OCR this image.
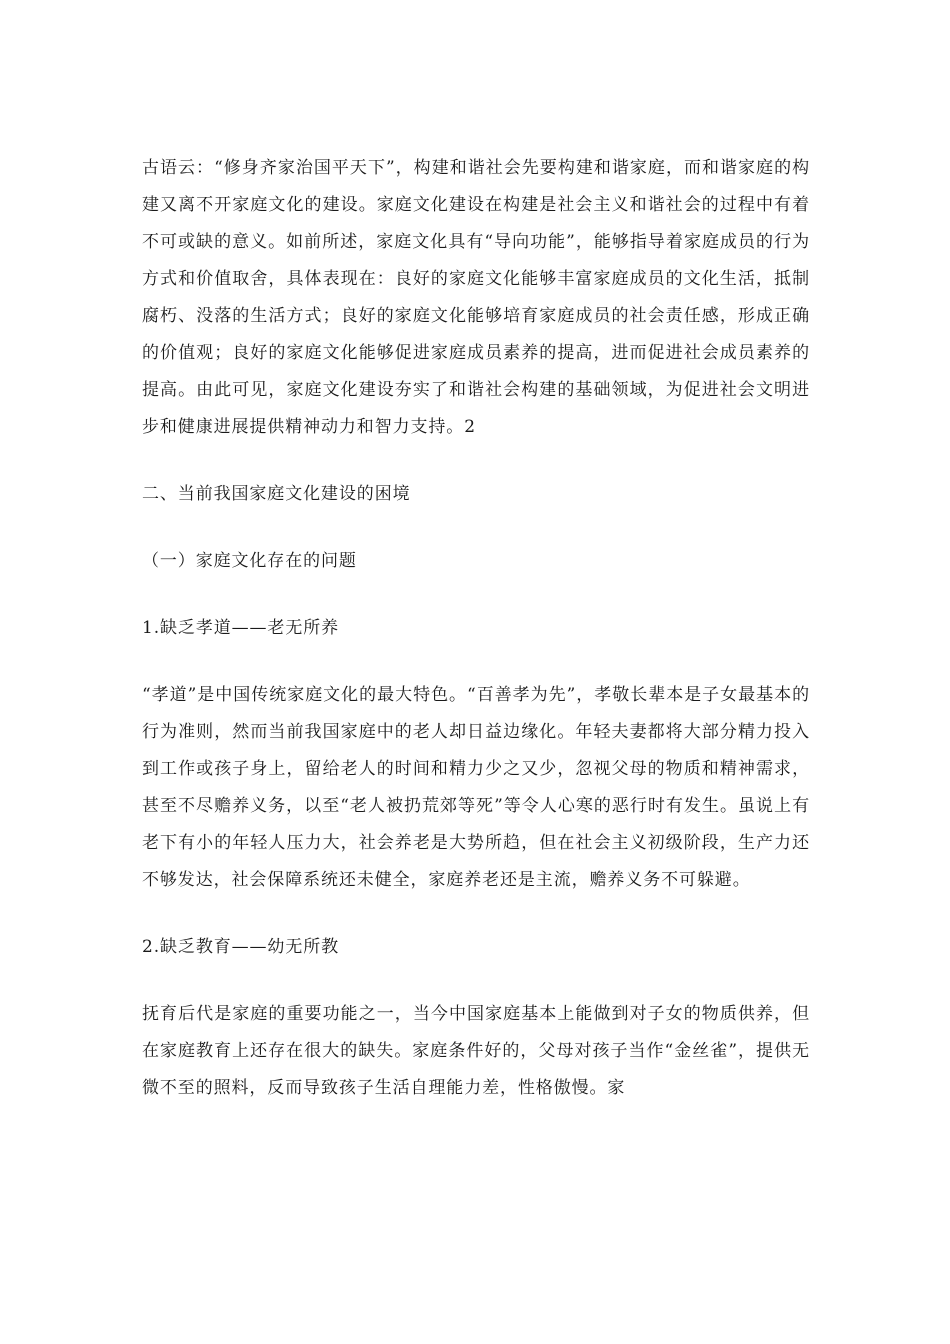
古语云：“修身齐家治国平天下”，构建和谐社会先要构建和谐家庭，而和谐家庭的构建又离不开家庭文化的建设。家庭文化建设在构建是社会主义和谐社会的过程中有着不可或缺的意义。如前所述，家庭文化具有“导向功能”，能够指导着家庭成员的行为方式和价值取舍，具体表现在：良好的家庭文化能够丰富家庭成员的文化生活，抵制腐朽、没落的生活方式；良好的家庭文化能够培育家庭成员的社会责任感，形成正确的价值观；良好的家庭文化能够促进家庭成员素养的提高，进而促进社会成员素养的提高。由此可见，家庭文化建设夯实了和谐社会构建的基础领域，为促进社会文明进步和健康进展提供精神动力和智力支持。2

二、当前我国家庭文化建设的困境

（一）家庭文化存在的问题

1.缺乏孝道——老无所养

“孝道”是中国传统家庭文化的最大特色。“百善孝为先”，孝敬长辈本是子女最基本的行为准则，然而当前我国家庭中的老人却日益边缘化。年轻夫妻都将大部分精力投入到工作或孩子身上，留给老人的时间和精力少之又少，忽视父母的物质和精神需求，甚至不尽赡养义务，以至“老人被扔荒郊等死”等令人心寒的恶行时有发生。虽说上有老下有小的年轻人压力大，社会养老是大势所趋，但在社会主义初级阶段，生产力还不够发达，社会保障系统还未健全，家庭养老还是主流，赡养义务不可躲避。

2.缺乏教育——幼无所教

抚育后代是家庭的重要功能之一，当今中国家庭基本上能做到对子女的物质供养，但在家庭教育上还存在很大的缺失。家庭条件好的，父母对孩子当作“金丝雀”，提供无微不至的照料，反而导致孩子生活自理能力差，性格傲慢。家
